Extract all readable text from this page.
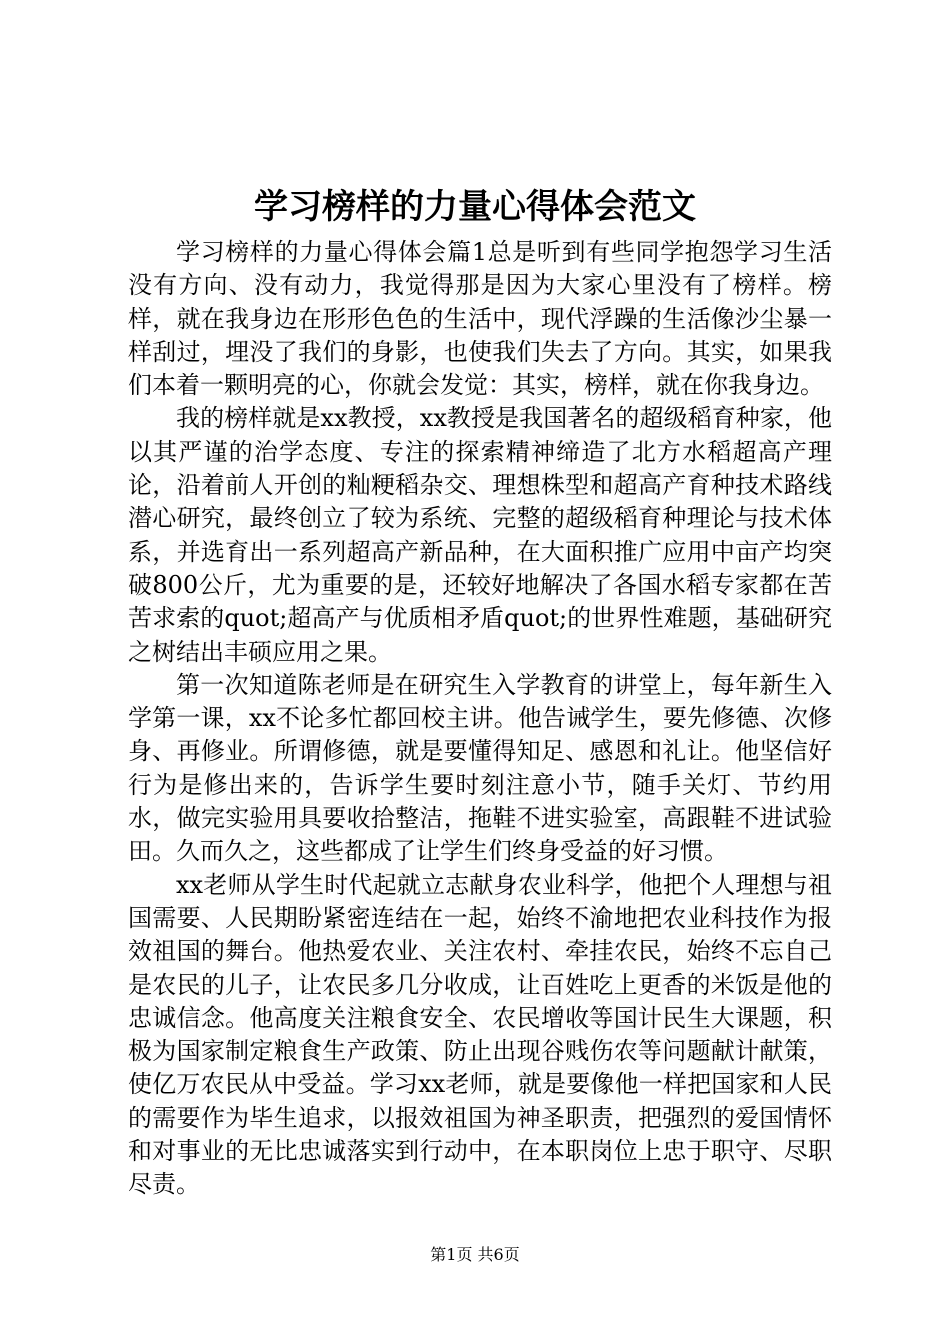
学习榜样的力量心得体会范文

学习榜样的力量心得体会篇1总是听到有些同学抱怨学习生活没有方向、没有动力，我觉得那是因为大家心里没有了榜样。榜样，就在我身边在形形色色的生活中，现代浮躁的生活像沙尘暴一样刮过，埋没了我们的身影，也使我们失去了方向。其实，如果我们本着一颗明亮的心，你就会发觉：其实，榜样，就在你我身边。

我的榜样就是xx教授，xx教授是我国著名的超级稻育种家，他以其严谨的治学态度、专注的探索精神缔造了北方水稻超高产理论，沿着前人开创的籼粳稻杂交、理想株型和超高产育种技术路线潜心研究，最终创立了较为系统、完整的超级稻育种理论与技术体系，并选育出一系列超高产新品种，在大面积推广应用中亩产均突破800公斤，尤为重要的是，还较好地解决了各国水稻专家都在苦苦求索的quot;超高产与优质相矛盾quot;的世界性难题，基础研究之树结出丰硕应用之果。

第一次知道陈老师是在研究生入学教育的讲堂上，每年新生入学第一课，xx不论多忙都回校主讲。他告诫学生，要先修德、次修身、再修业。所谓修德，就是要懂得知足、感恩和礼让。他坚信好行为是修出来的，告诉学生要时刻注意小节，随手关灯、节约用水，做完实验用具要收拾整洁，拖鞋不进实验室，高跟鞋不进试验田。久而久之，这些都成了让学生们终身受益的好习惯。

xx老师从学生时代起就立志献身农业科学，他把个人理想与祖国需要、人民期盼紧密连结在一起，始终不渝地把农业科技作为报效祖国的舞台。他热爱农业、关注农村、牵挂农民，始终不忘自己是农民的儿子，让农民多几分收成，让百姓吃上更香的米饭是他的忠诚信念。他高度关注粮食安全、农民增收等国计民生大课题，积极为国家制定粮食生产政策、防止出现谷贱伤农等问题献计献策，使亿万农民从中受益。学习xx老师，就是要像他一样把国家和人民的需要作为毕生追求，以报效祖国为神圣职责，把强烈的爱国情怀和对事业的无比忠诚落实到行动中，在本职岗位上忠于职守、尽职尽责。

第1页 共6页
